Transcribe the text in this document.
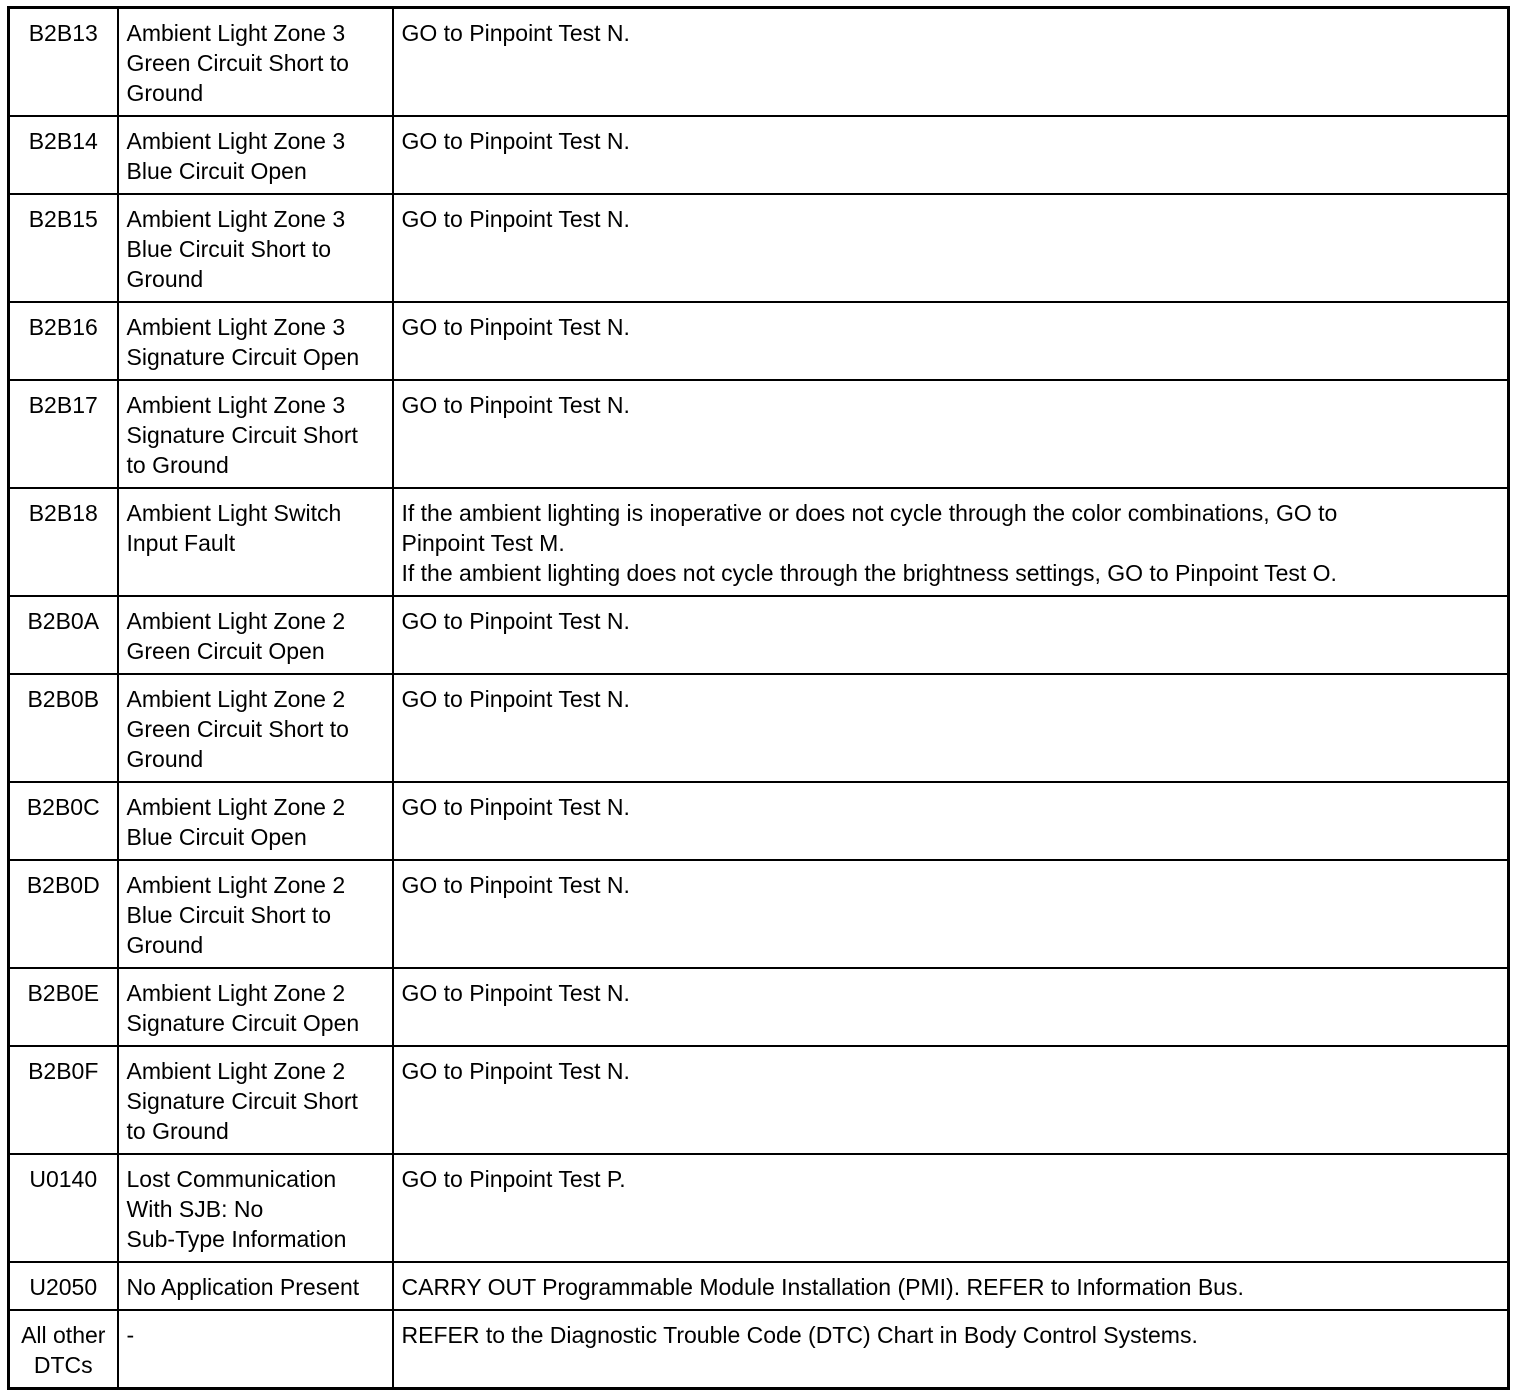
B2B13	Ambient Light Zone 3
Green Circuit Short to
Ground	GO to Pinpoint Test N.
B2B14	Ambient Light Zone 3
Blue Circuit Open	GO to Pinpoint Test N.
B2B15	Ambient Light Zone 3
Blue Circuit Short to
Ground	GO to Pinpoint Test N.
B2B16	Ambient Light Zone 3
Signature Circuit Open	GO to Pinpoint Test N.
B2B17	Ambient Light Zone 3
Signature Circuit Short
to Ground	GO to Pinpoint Test N.
B2B18	Ambient Light Switch
Input Fault	If the ambient lighting is inoperative or does not cycle through the color combinations, GO to
Pinpoint Test M.
If the ambient lighting does not cycle through the brightness settings, GO to Pinpoint Test O.
B2B0A	Ambient Light Zone 2
Green Circuit Open	GO to Pinpoint Test N.
B2B0B	Ambient Light Zone 2
Green Circuit Short to
Ground	GO to Pinpoint Test N.
B2B0C	Ambient Light Zone 2
Blue Circuit Open	GO to Pinpoint Test N.
B2B0D	Ambient Light Zone 2
Blue Circuit Short to
Ground	GO to Pinpoint Test N.
B2B0E	Ambient Light Zone 2
Signature Circuit Open	GO to Pinpoint Test N.
B2B0F	Ambient Light Zone 2
Signature Circuit Short
to Ground	GO to Pinpoint Test N.
U0140	Lost Communication
With SJB: No
Sub-Type Information	GO to Pinpoint Test P.
U2050	No Application Present	CARRY OUT Programmable Module Installation (PMI). REFER to Information Bus.
All other
DTCs	-	REFER to the Diagnostic Trouble Code (DTC) Chart in Body Control Systems.
